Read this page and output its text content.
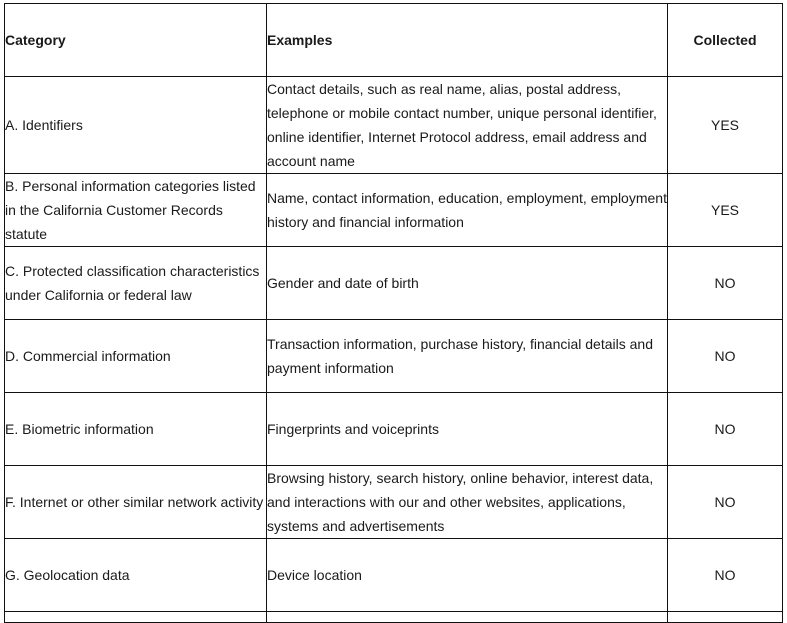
Category	Examples	Collected
A. Identifiers	Contact details, such as real name, alias, postal address, telephone or mobile contact number, unique personal identifier, online identifier, Internet Protocol address, email address and account name	YES
B. Personal information categories listed in the California Customer Records statute	Name, contact information, education, employment, employment history and financial information	YES
C. Protected classification characteristics under California or federal law	Gender and date of birth	NO
D. Commercial information	Transaction information, purchase history, financial details and payment information	NO
E. Biometric information	Fingerprints and voiceprints	NO
F. Internet or other similar network activity	Browsing history, search history, online behavior, interest data, and interactions with our and other websites, applications, systems and advertisements	NO
G. Geolocation data	Device location	NO
